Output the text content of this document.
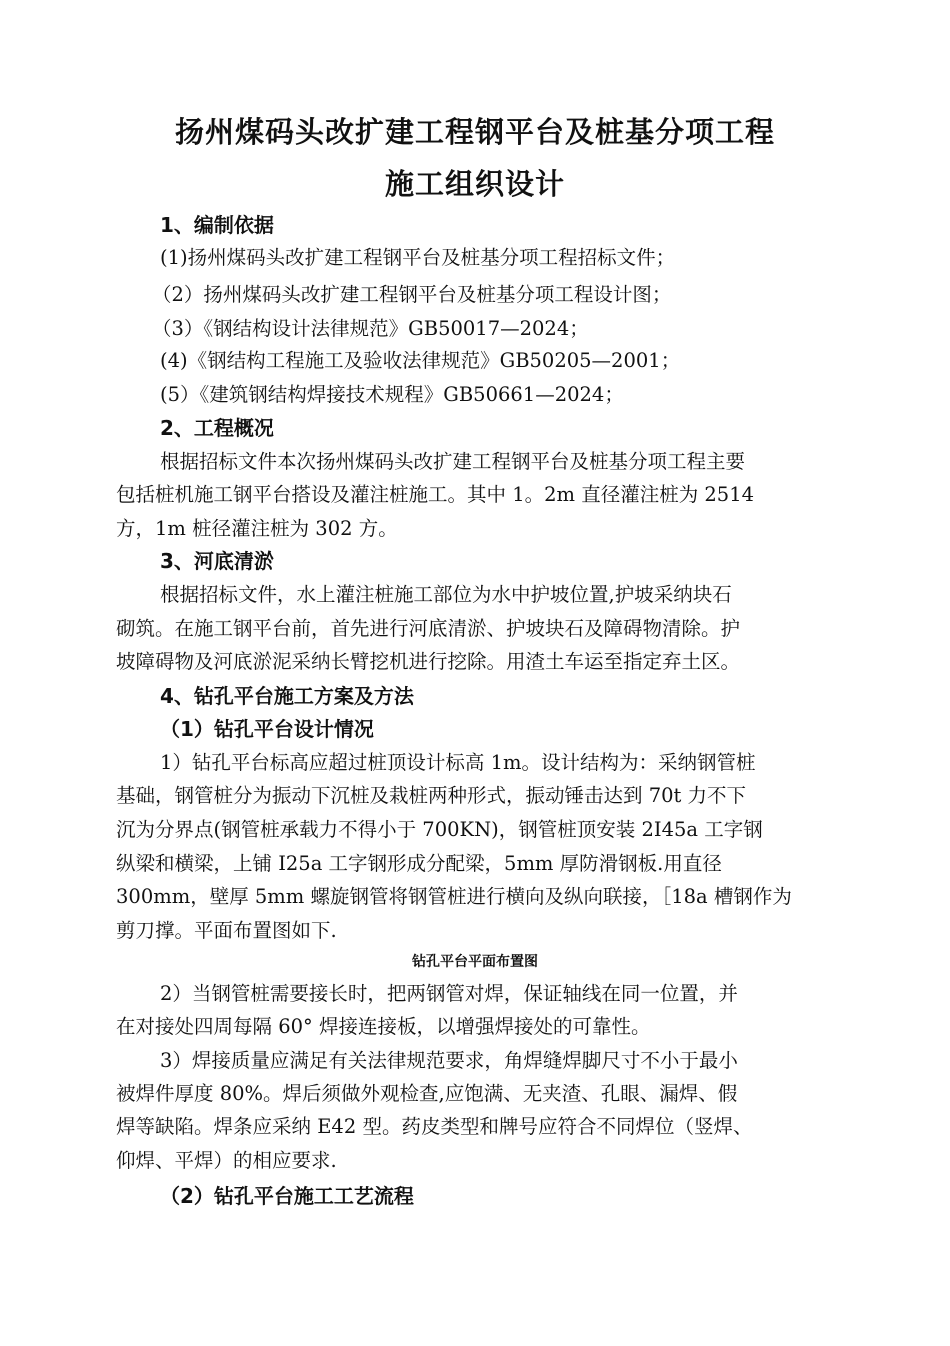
扬州煤码头改扩建工程钢平台及桩基分项工程
施工组织设计
1、编制依据
(1)扬州煤码头改扩建工程钢平台及桩基分项工程招标文件；
（2）扬州煤码头改扩建工程钢平台及桩基分项工程设计图；
（3）《钢结构设计法律规范》GB50017—2024；
(4)《钢结构工程施工及验收法律规范》GB50205—2001；
(5）《建筑钢结构焊接技术规程》GB50661—2024；
2、工程概况
根据招标文件本次扬州煤码头改扩建工程钢平台及桩基分项工程主要
包括桩机施工钢平台搭设及灌注桩施工。其中 1。2m 直径灌注桩为 2514
方，1m 桩径灌注桩为 302 方。
3、河底清淤
根据招标文件，水上灌注桩施工部位为水中护坡位置,护坡采纳块石
砌筑。在施工钢平台前，首先进行河底清淤、护坡块石及障碍物清除。护
坡障碍物及河底淤泥采纳长臂挖机进行挖除。用渣土车运至指定弃土区。
4、钻孔平台施工方案及方法
（1）钻孔平台设计情况
1）钻孔平台标高应超过桩顶设计标高 1m。设计结构为：采纳钢管桩
基础，钢管桩分为振动下沉桩及栽桩两种形式，振动锤击达到 70t 力不下
沉为分界点(钢管桩承载力不得小于 700KN)，钢管桩顶安装 2I45a 工字钢
纵梁和横梁，上铺 I25a 工字钢形成分配梁，5mm 厚防滑钢板.用直径
300mm，壁厚 5mm 螺旋钢管将钢管桩进行横向及纵向联接，［18a 槽钢作为
剪刀撑。平面布置图如下.
钻孔平台平面布置图
2）当钢管桩需要接长时，把两钢管对焊，保证轴线在同一位置，并
在对接处四周每隔 60° 焊接连接板，以增强焊接处的可靠性。
3）焊接质量应满足有关法律规范要求，角焊缝焊脚尺寸不小于最小
被焊件厚度 80%。焊后须做外观检查,应饱满、无夹渣、孔眼、漏焊、假
焊等缺陷。焊条应采纳 E42 型。药皮类型和牌号应符合不同焊位（竖焊、
仰焊、平焊）的相应要求.
（2）钻孔平台施工工艺流程
